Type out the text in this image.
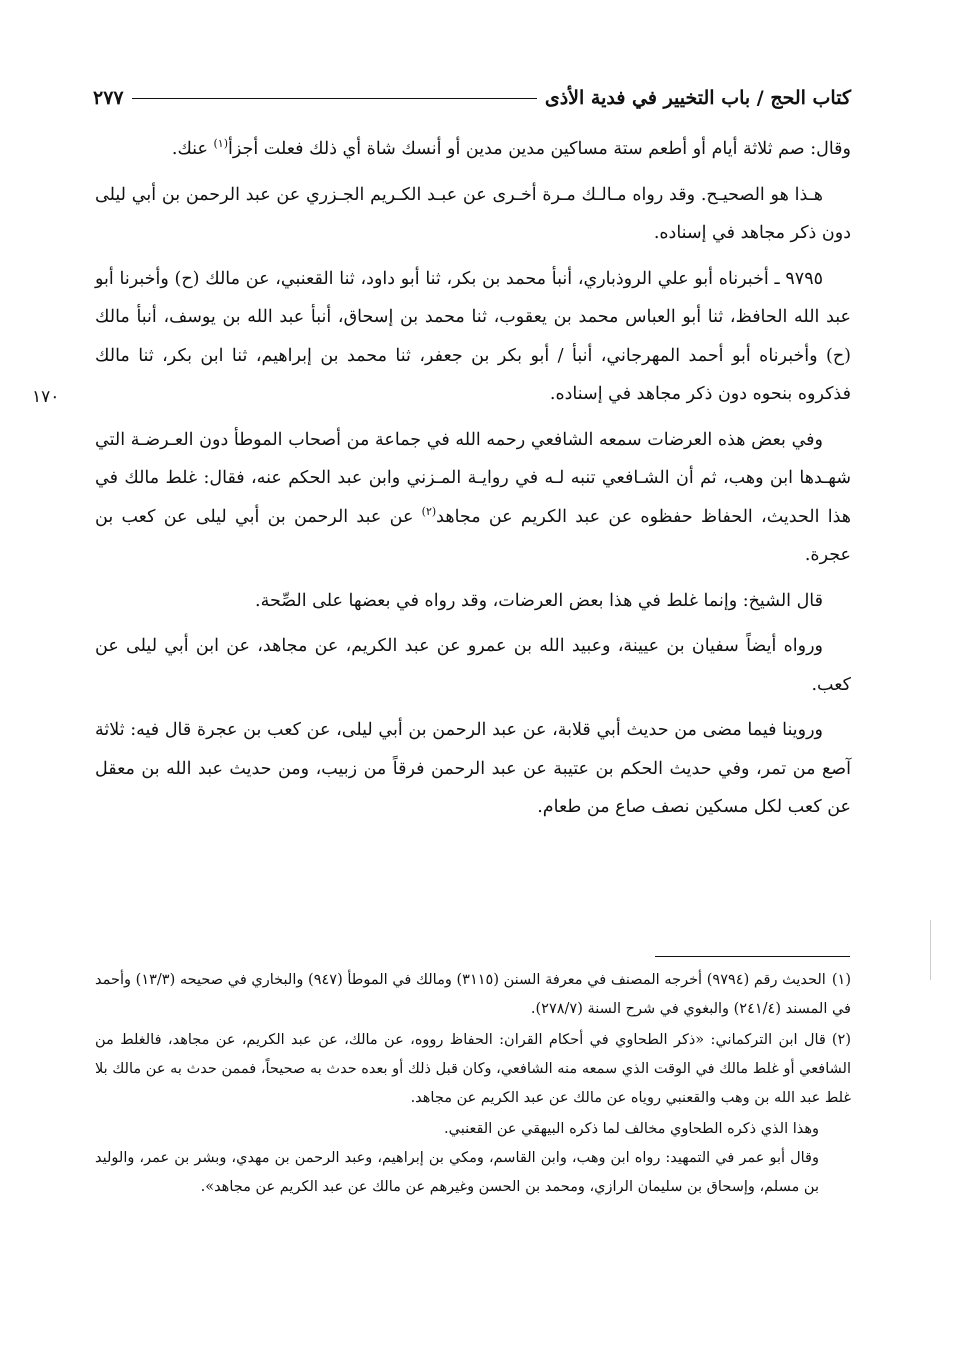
كتاب الحج / باب التخيير في فدية الأذى
٢٧٧
١٧٠

وقال: صم ثلاثة أيام أو أطعم ستة مساكين مدين مدين أو أنسك شاة أي ذلك فعلت أجزأ$^{(١)}$ عنك.

هـذا هو الصحيـح. وقد رواه مـالـك مـرة أخـرى عن عبـد الكـريم الجـزري عن عبد الرحمن بن أبي ليلى دون ذكر مجاهد في إسناده.

٩٧٩٥ ـ أخبرناه أبو علي الروذباري، أنبأ محمد بن بكر، ثنا أبو داود، ثنا القعنبي، عن مالك (ح) وأخبرنا أبو عبد الله الحافظ، ثنا أبو العباس محمد بن يعقوب، ثنا محمد بن إسحاق، أنبأ عبد الله بن يوسف، أنبأ مالك (ح) وأخبرناه أبو أحمد المهرجاني، أنبأ / أبو بكر بن جعفر، ثنا محمد بن إبراهيم، ثنا ابن بكر، ثنا مالك فذكروه بنحوه دون ذكر مجاهد في إسناده.

وفي بعض هذه العرضات سمعه الشافعي رحمه الله في جماعة من أصحاب الموطأ دون العـرضـة التي شهـدها ابن وهب، ثم أن الشـافعي تنبه لـه في روايـة المـزني وابن عبد الحكم عنه، فقال: غلط مالك في هذا الحديث، الحفاظ حفظوه عن عبد الكريم عن مجاهد$^{(٢)}$ عن عبد الرحمن بن أبي ليلى عن كعب بن عجرة.

قال الشيخ: وإنما غلط في هذا بعض العرضات، وقد رواه في بعضها على الصِّحة.

ورواه أيضاً سفيان بن عيينة، وعبيد الله بن عمرو عن عبد الكريم، عن مجاهد، عن ابن أبي ليلى عن كعب.

وروينا فيما مضى من حديث أبي قلابة، عن عبد الرحمن بن أبي ليلى، عن كعب بن عجرة قال فيه: ثلاثة آصع من تمر، وفي حديث الحكم بن عتيبة عن عبد الرحمن فرقاً من زبيب، ومن حديث عبد الله بن معقل عن كعب لكل مسكين نصف صاع من طعام.

(١)الحديث رقم (٩٧٩٤) أخرجه المصنف في معرفة السنن (٣١١٥) ومالك في الموطأ (٩٤٧) والبخاري في صحيحه (١٣/٣) وأحمد في المسند (٢٤١/٤) والبغوي في شرح السنة (٢٧٨/٧).

(٢)قال ابن التركماني: «ذكر الطحاوي في أحكام القران: الحفاظ رووه، عن مالك، عن عبد الكريم، عن مجاهد، فالغلط من الشافعي أو غلط مالك في الوقت الذي سمعه منه الشافعي، وكان قبل ذلك أو بعده حدث به صحيحاً، فممن حدث به عن مالك بلا غلط عبد الله بن وهب والقعنبي روياه عن مالك عن عبد الكريم عن مجاهد.

وهذا الذي ذكره الطحاوي مخالف لما ذكره البيهقي عن القعنبي.

وقال أبو عمر في التمهيد: رواه ابن وهب، وابن القاسم، ومكي بن إبراهيم، وعبد الرحمن بن مهدي، وبشر بن عمر، والوليد بن مسلم، وإسحاق بن سليمان الرازي، ومحمد بن الحسن وغيرهم عن مالك عن عبد الكريم عن مجاهد».
